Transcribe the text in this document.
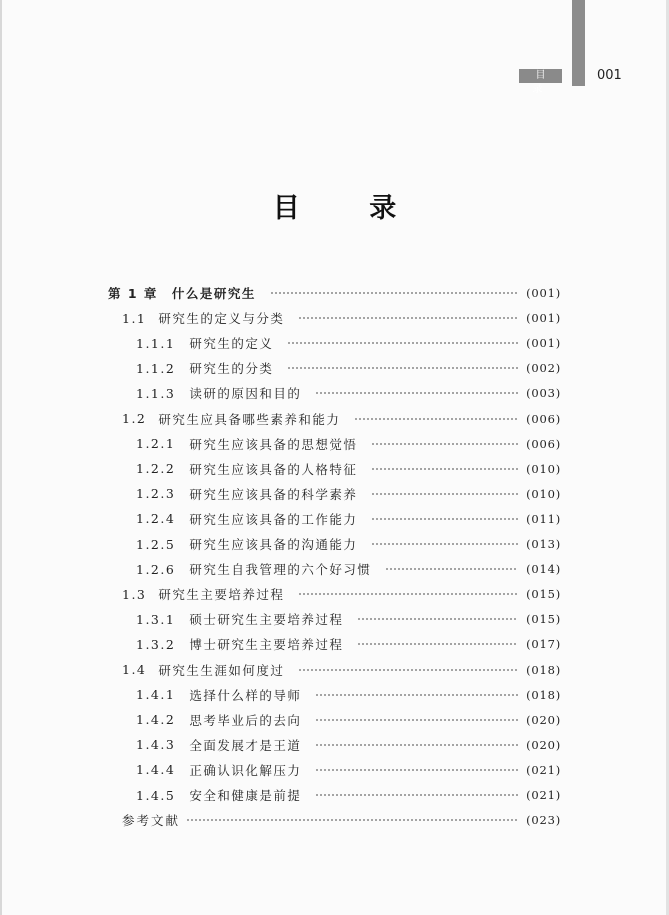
目 录
001
目 录
第 1 章 什么是研究生	(001)
1.1 研究生的定义与分类	(001)
1.1.1 研究生的定义	(001)
1.1.2 研究生的分类	(002)
1.1.3 读研的原因和目的	(003)
1.2 研究生应具备哪些素养和能力	(006)
1.2.1 研究生应该具备的思想觉悟	(006)
1.2.2 研究生应该具备的人格特征	(010)
1.2.3 研究生应该具备的科学素养	(010)
1.2.4 研究生应该具备的工作能力	(011)
1.2.5 研究生应该具备的沟通能力	(013)
1.2.6 研究生自我管理的六个好习惯	(014)
1.3 研究生主要培养过程	(015)
1.3.1 硕士研究生主要培养过程	(015)
1.3.2 博士研究生主要培养过程	(017)
1.4 研究生生涯如何度过	(018)
1.4.1 选择什么样的导师	(018)
1.4.2 思考毕业后的去向	(020)
1.4.3 全面发展才是王道	(020)
1.4.4 正确认识化解压力	(021)
1.4.5 安全和健康是前提	(021)
参考文献	(023)
